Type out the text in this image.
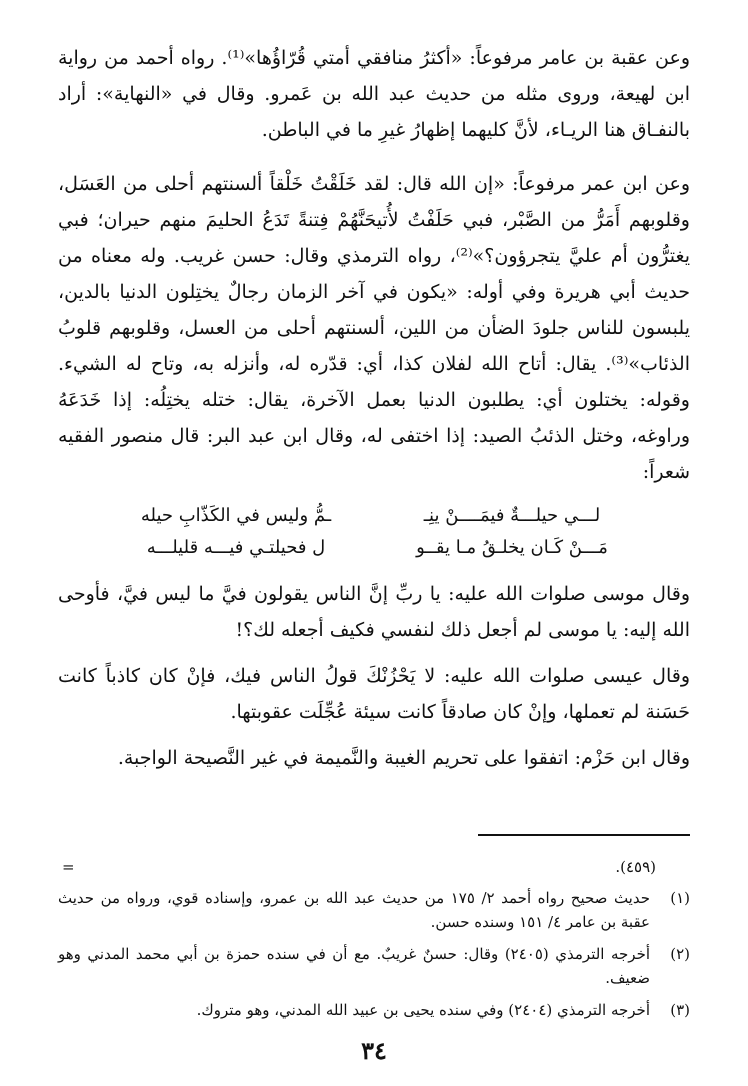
وعن عقبة بن عامر مرفوعاً: «أكثرُ منافقي أمتي قُرّاؤُها»⁽¹⁾. رواه أحمد من رواية ابن لهيعة، وروى مثله من حديث عبد الله بن عَمرو. وقال في «النهاية»: أراد بالنفـاق هنا الريـاء، لأنَّ كليهما إظهارُ غيرِ ما في الباطن.

وعن ابن عمر مرفوعاً: «إن الله قال: لقد خَلَقْتُ خَلْقاً ألسنتهم أحلى من العَسَل، وقلوبهم أَمَرُّ من الصَّبْر، فبي حَلَفْتُ لأُتيحَنَّهُمْ فِتنةً تَدَعُ الحليمَ منهم حيران؛ فبي يغترُّون أم عليَّ يتجرؤون؟»⁽²⁾، رواه الترمذي وقال: حسن غريب. وله معناه من حديث أبي هريرة وفي أوله: «يكون في آخر الزمان رجالٌ يختِلون الدنيا بالدين، يلبسون للناس جلودَ الضأن من اللين، ألسنتهم أحلى من العسل، وقلوبهم قلوبُ الذئاب»⁽³⁾. يقال: أتاح الله لفلان كذا، أي: قدّره له، وأنزله به، وتاح له الشيء. وقوله: يختلون أي: يطلبون الدنيا بعمل الآخرة، يقال: ختله يختِلُه: إذا خَدَعَهُ وراوغه، وختل الذئبُ الصيد: إذا اختفى له، وقال ابن عبد البر: قال منصور الفقيه شعراً:

لـــي حيلـــةٌ فيمَــــنْ ينِـ
ـمُّ وليس في الكَذّابِ حيله
مَـــنْ كَـان يخلـقُ مـا يقــو
ل فحيلتـي فيـــه قليلـــه

وقال موسى صلوات الله عليه: يا ربِّ إنَّ الناس يقولون فيَّ ما ليس فيَّ، فأوحى الله إليه: يا موسى لم أجعل ذلك لنفسي فكيف أجعله لك؟!

وقال عيسى صلوات الله عليه: لا يَحْزُنْكَ قولُ الناس فيك، فإنْ كان كاذباً كانت حَسَنة لم تعملها، وإنْ كان صادقاً كانت سيئة عُجِّلَت عقوبتها.

وقال ابن حَزْم: اتفقوا على تحريم الغيبة والنَّميمة في غير النَّصيحة الواجبة.

(٤٥٩).
=
(١)
حديث صحيح رواه أحمد ٢/ ١٧٥ من حديث عبد الله بن عمرو، وإسناده قوي، ورواه من حديث عقبة بن عامر ٤/ ١٥١ وسنده حسن.
(٢)
أخرجه الترمذي (٢٤٠٥) وقال: حسنٌ غريبٌ. مع أن في سنده حمزة بن أبي محمد المدني وهو ضعيف.
(٣)
أخرجه الترمذي (٢٤٠٤) وفي سنده يحيى بن عبيد الله المدني، وهو متروك.
٣٤
